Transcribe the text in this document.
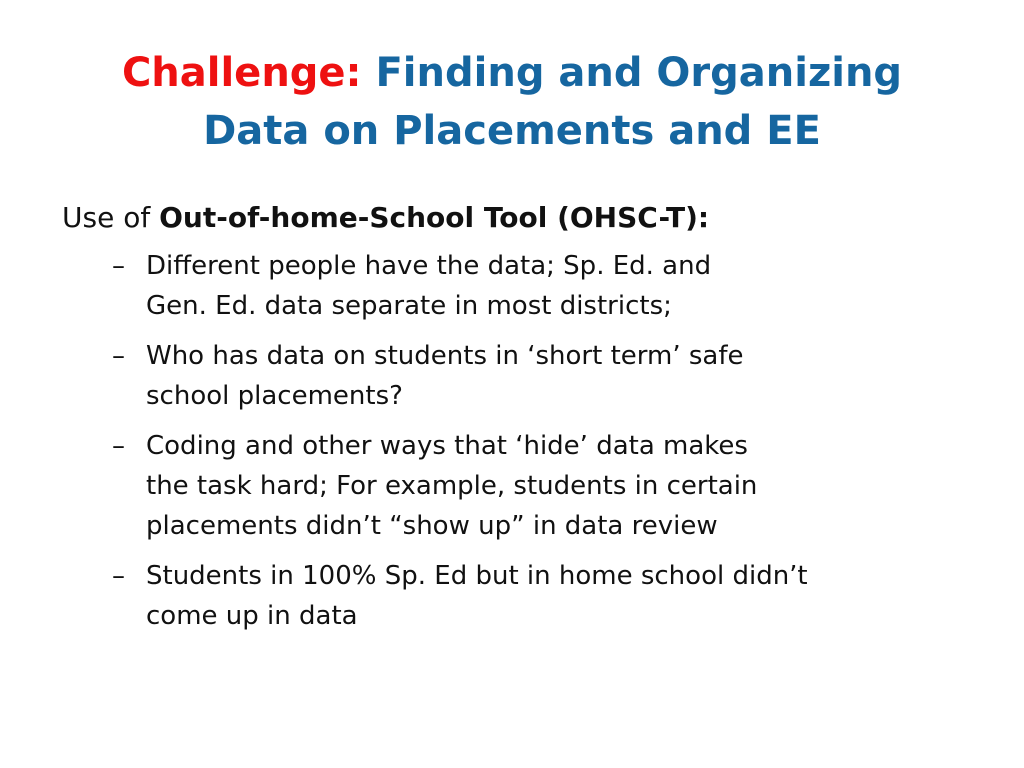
Challenge: Finding and Organizing
Data on Placements and EE

Use of Out-of-home-School Tool (OHSC-T):

– Different people have the data; Sp. Ed. and
Gen. Ed. data separate in most districts;
– Who has data on students in ‘short term’ safe
school placements?
– Coding and other ways that ‘hide’ data makes
the task hard; For example, students in certain
placements didn’t “show up” in data review
– Students in 100% Sp. Ed but in home school didn’t
come up in data
